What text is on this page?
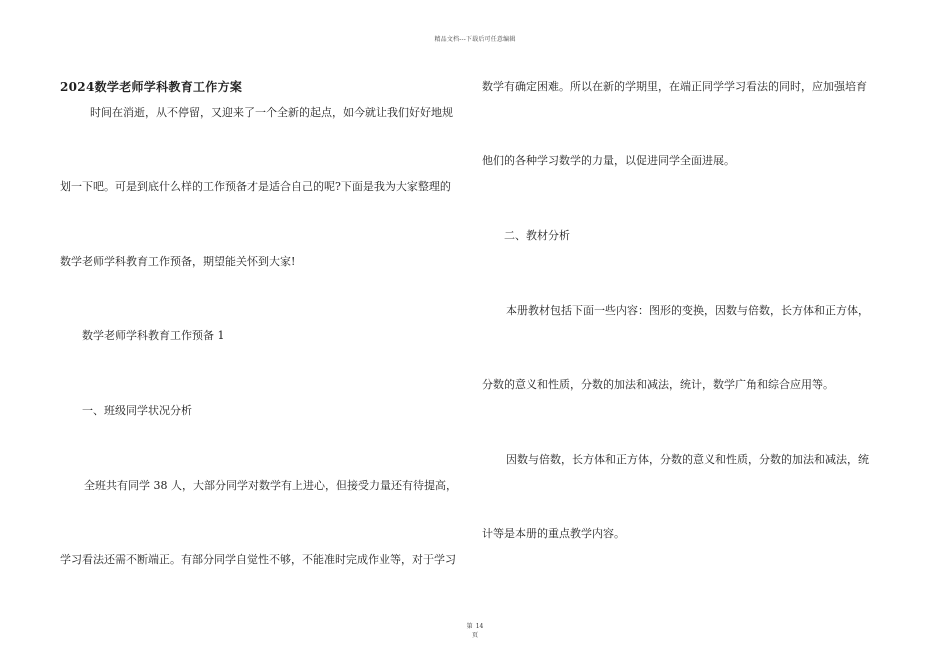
精品文档---下载后可任意编辑
2024数学老师学科教育工作方案
时间在消逝，从不停留，又迎来了一个全新的起点，如今就让我们好好地规
划一下吧。可是到底什么样的工作预备才是适合自己的呢?下面是我为大家整理的
数学老师学科教育工作预备，期望能关怀到大家!
数学老师学科教育工作预备 1
一、班级同学状况分析
全班共有同学 38 人，大部分同学对数学有上进心，但接受力量还有待提高，
学习看法还需不断端正。有部分同学自觉性不够，不能准时完成作业等，对于学习
数学有确定困难。所以在新的学期里，在端正同学学习看法的同时，应加强培育
他们的各种学习数学的力量，以促进同学全面进展。
二、教材分析
本册教材包括下面一些内容：图形的变换，因数与倍数，长方体和正方体，
分数的意义和性质，分数的加法和减法，统计，数学广角和综合应用等。
因数与倍数，长方体和正方体，分数的意义和性质，分数的加法和减法，统
计等是本册的重点教学内容。
第 14
页
